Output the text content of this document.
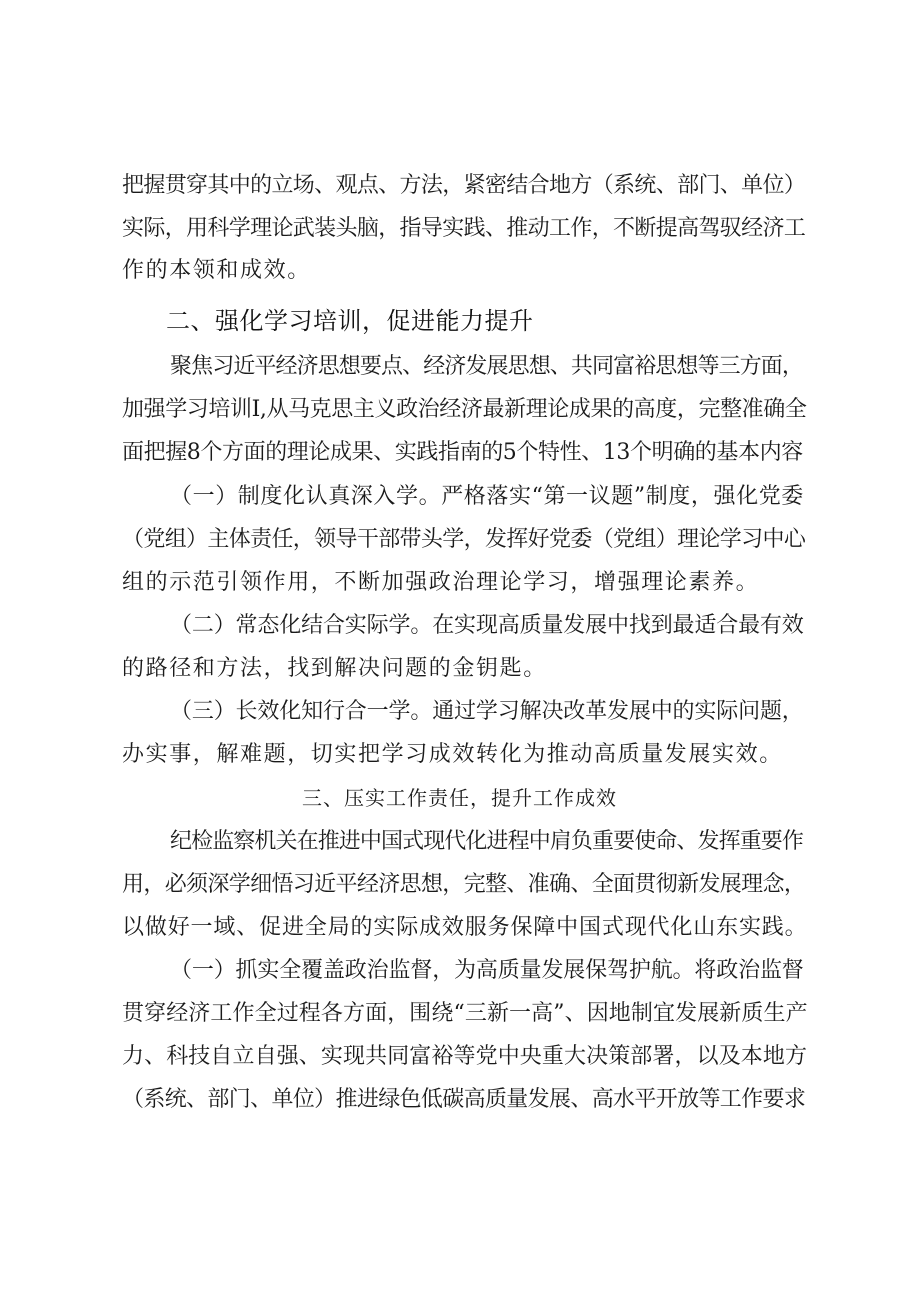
把握贯穿其中的立场、观点、方法，紧密结合地方（系统、部门、单位）
实际，用科学理论武装头脑，指导实践、推动工作，不断提高驾驭经济工
作的本领和成效。
二、强化学习培训，促进能力提升
聚焦习近平经济思想要点、经济发展思想、共同富裕思想等三方面，
加强学习培训I,从马克思主义政治经济最新理论成果的高度，完整准确全
面把握8个方面的理论成果、实践指南的5个特性、13个明确的基本内容
（一）制度化认真深入学。严格落实“第一议题”制度，强化党委
（党组）主体责任，领导干部带头学，发挥好党委（党组）理论学习中心
组的示范引领作用，不断加强政治理论学习，增强理论素养。
（二）常态化结合实际学。在实现高质量发展中找到最适合最有效
的路径和方法，找到解决问题的金钥匙。
（三）长效化知行合一学。通过学习解决改革发展中的实际问题，
办实事，解难题，切实把学习成效转化为推动高质量发展实效。
三、压实工作责任，提升工作成效
纪检监察机关在推进中国式现代化进程中肩负重要使命、发挥重要作
用，必须深学细悟习近平经济思想，完整、准确、全面贯彻新发展理念，
以做好一域、促进全局的实际成效服务保障中国式现代化山东实践。
（一）抓实全覆盖政治监督，为高质量发展保驾护航。将政治监督
贯穿经济工作全过程各方面，围绕“三新一高”、因地制宜发展新质生产
力、科技自立自强、实现共同富裕等党中央重大决策部署，以及本地方
（系统、部门、单位）推进绿色低碳高质量发展、高水平开放等工作要求
